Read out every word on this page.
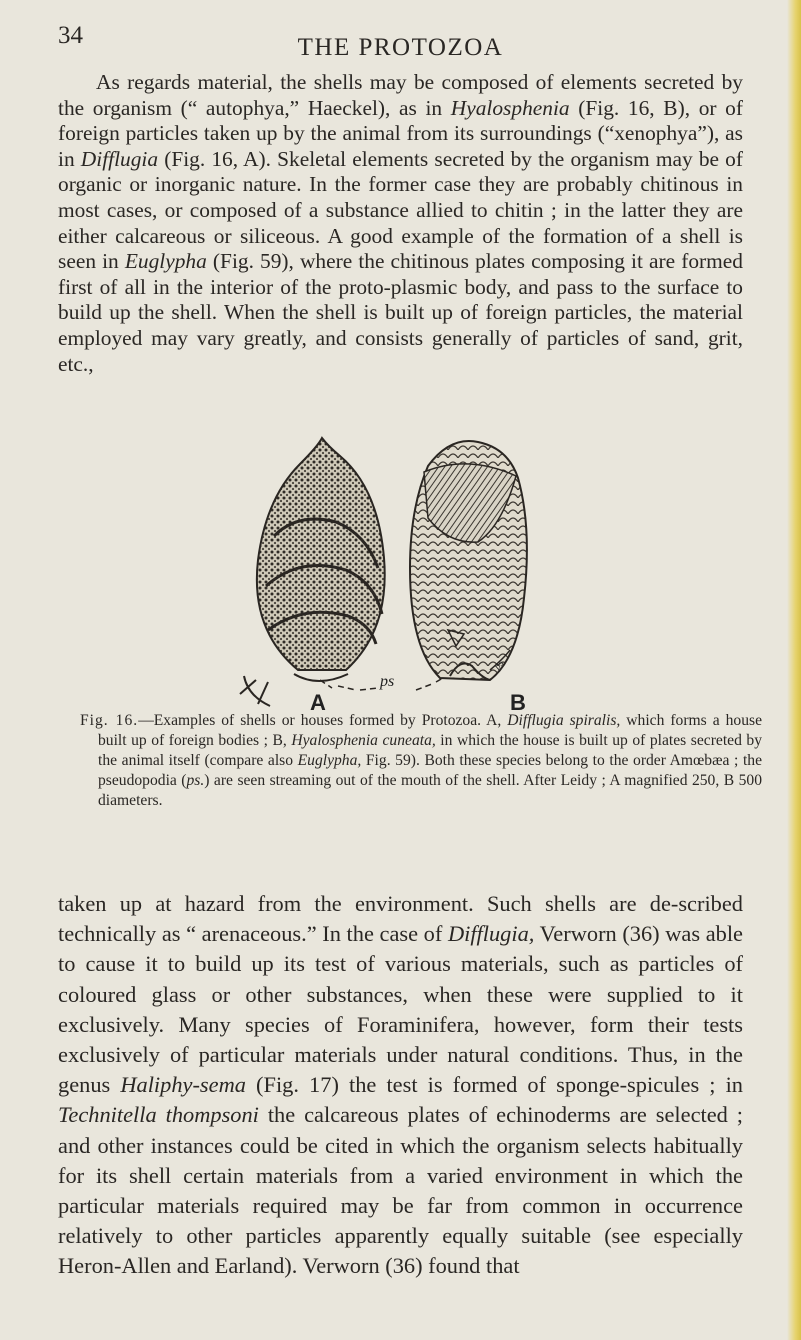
34	THE PROTOZOA

As regards material, the shells may be composed of elements secreted by the organism (“ autophya,” Haeckel), as in Hyalosphenia (Fig. 16, B), or of foreign particles taken up by the animal from its surroundings (“xenophya”), as in Difflugia (Fig. 16, A). Skeletal elements secreted by the organism may be of organic or inorganic nature. In the former case they are probably chitinous in most cases, or composed of a substance allied to chitin ; in the latter they are either calcareous or siliceous. A good example of the formation of a shell is seen in Euglypha (Fig. 59), where the chitinous plates composing it are formed first of all in the interior of the proto-plasmic body, and pass to the surface to build up the shell. When the shell is built up of foreign particles, the material employed may vary greatly, and consists generally of particles of sand, grit, etc.,

A	B
ps
ps

Fig. 16.—Examples of shells or houses formed by Protozoa. A, Difflugia spiralis, which forms a house built up of foreign bodies ; B, Hyalosphenia cuneata, in which the house is built up of plates secreted by the animal itself (compare also Euglypha, Fig. 59). Both these species belong to the order Amœbæa ; the pseudopodia (ps.) are seen streaming out of the mouth of the shell. After Leidy ; A magnified 250, B 500 diameters.

taken up at hazard from the environment. Such shells are de-scribed technically as “ arenaceous.” In the case of Difflugia, Verworn (36) was able to cause it to build up its test of various materials, such as particles of coloured glass or other substances, when these were supplied to it exclusively. Many species of Foraminifera, however, form their tests exclusively of particular materials under natural conditions. Thus, in the genus Haliphy-sema (Fig. 17) the test is formed of sponge-spicules ; in Technitella thompsoni the calcareous plates of echinoderms are selected ; and other instances could be cited in which the organism selects habitually for its shell certain materials from a varied environment in which the particular materials required may be far from common in occurrence relatively to other particles apparently equally suitable (see especially Heron-Allen and Earland). Verworn (36) found that
